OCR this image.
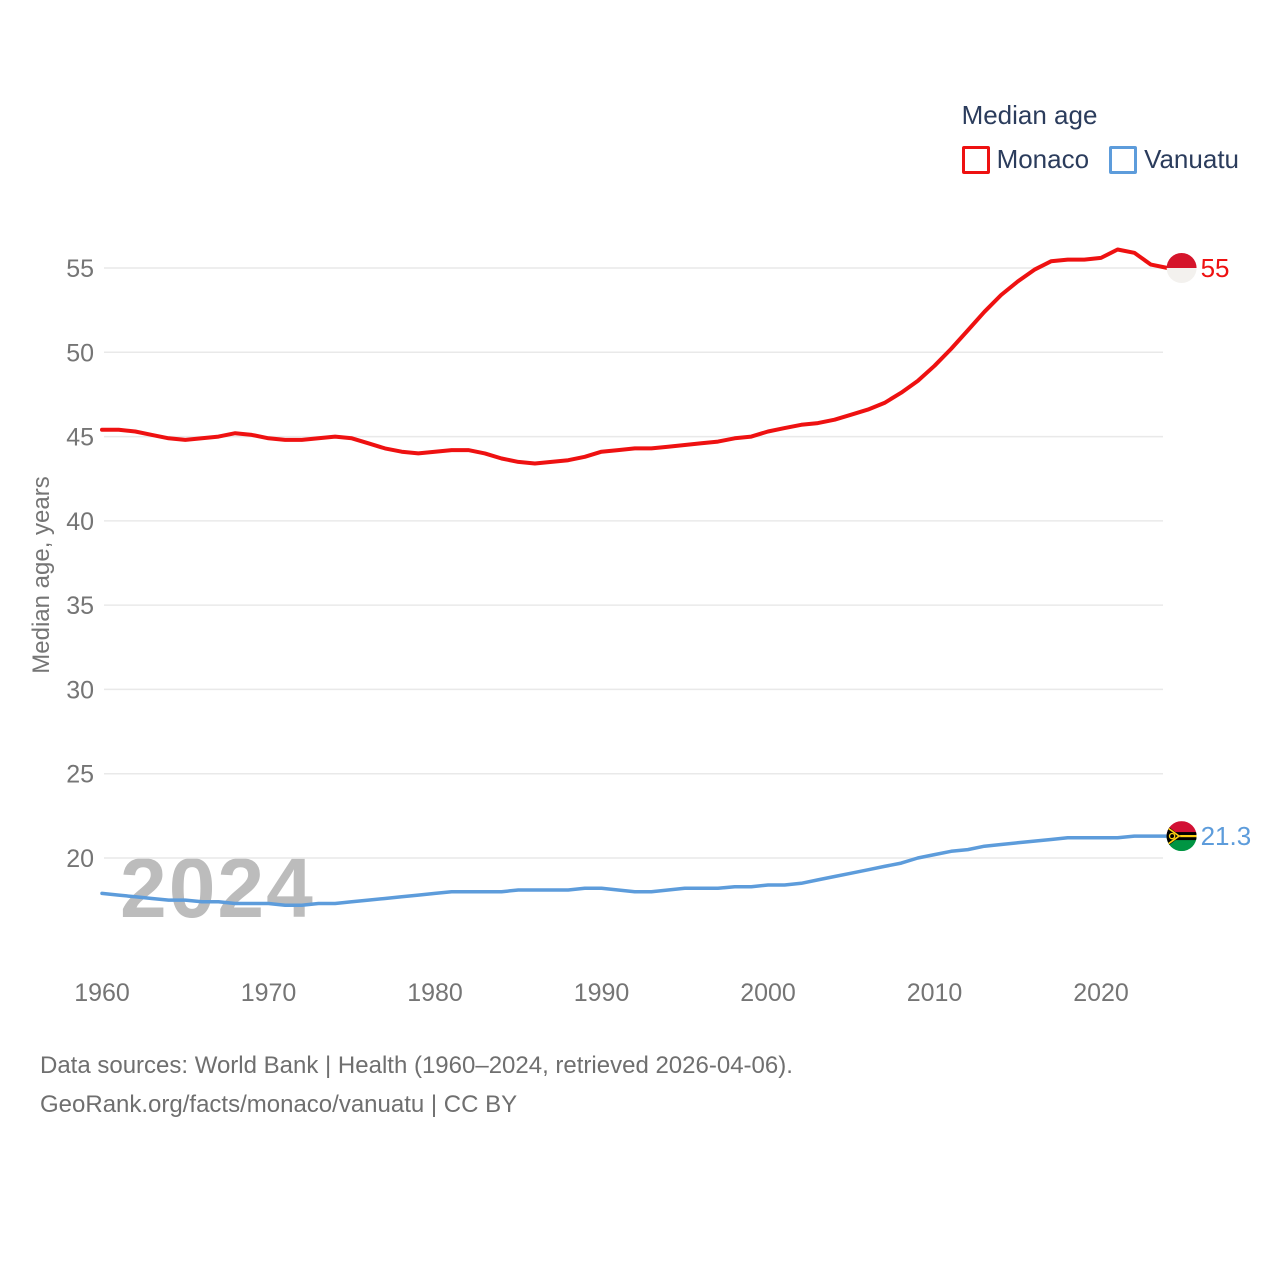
2024
20
25
30
35
40
45
50
55
1960	1970	1980	1990	2000	2010	2020
Median age, years
Median age
Monaco Vanuatu
55
21.3
Data sources: World Bank | Health (1960–2024, retrieved 2026-04-06).
GeoRank.org/facts/monaco/vanuatu | CC BY
